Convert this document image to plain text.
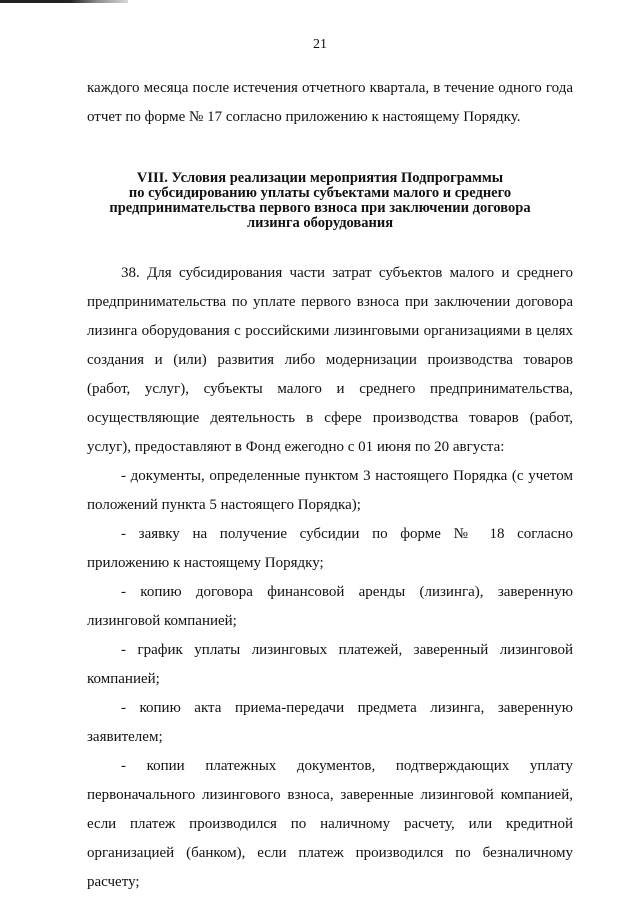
21
каждого месяца после истечения отчетного квартала, в течение одного года
отчет по форме № 17 согласно приложению к настоящему Порядку.
VIII. Условия реализации мероприятия Подпрограммы
по субсидированию уплаты субъектами малого и среднего
предпринимательства первого взноса при заключении договора
лизинга оборудования
38. Для субсидирования части затрат субъектов малого и среднего
предпринимательства по уплате первого взноса при заключении договора
лизинга оборудования с российскими лизинговыми организациями в целях
создания и (или) развития либо модернизации производства товаров
(работ, услуг), субъекты малого и среднего предпринимательства,
осуществляющие деятельность в сфере производства товаров (работ,
услуг), предоставляют в Фонд ежегодно с 01 июня по 20 августа:
- документы, определенные пунктом 3 настоящего Порядка (с учетом
положений пункта 5 настоящего Порядка);
- заявку на получение субсидии по форме № 18 согласно
приложению к настоящему Порядку;
- копию договора финансовой аренды (лизинга), заверенную
лизинговой компанией;
- график уплаты лизинговых платежей, заверенный лизинговой
компанией;
- копию акта приема-передачи предмета лизинга, заверенную
заявителем;
- копии платежных документов, подтверждающих уплату
первоначального лизингового взноса, заверенные лизинговой компанией,
если платеж производился по наличному расчету, или кредитной
организацией (банком), если платеж производился по безналичному
расчету;
